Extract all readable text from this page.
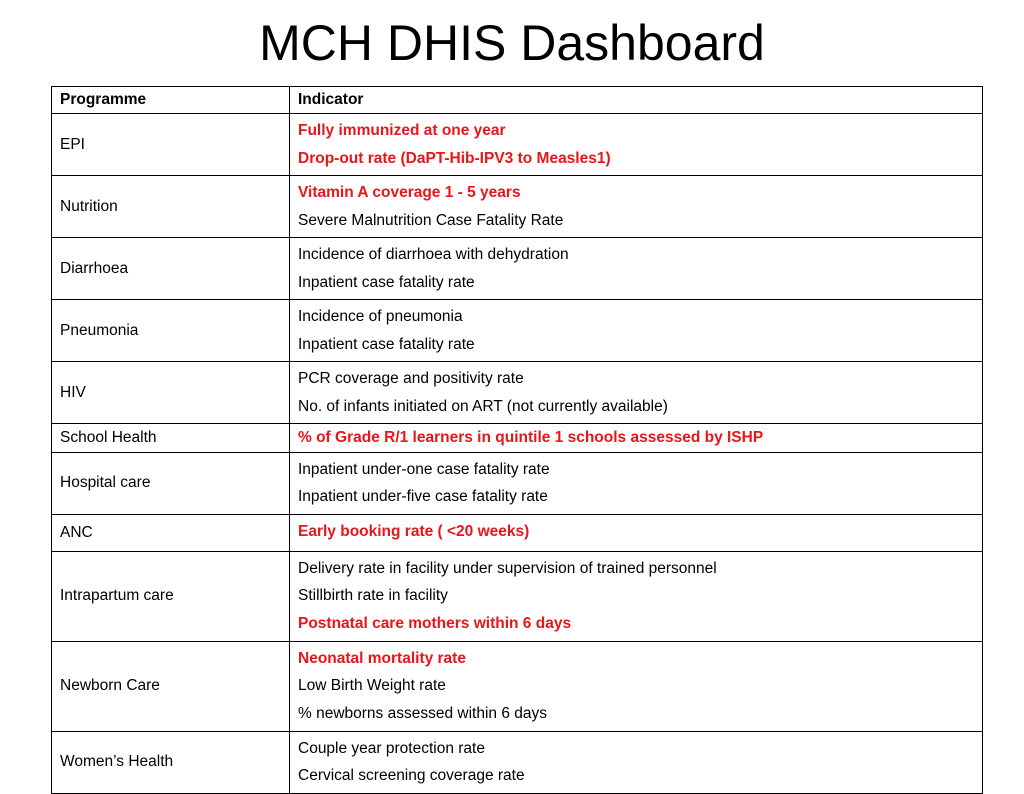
MCH DHIS Dashboard
Programme	Indicator
EPI	Fully immunized at one year
Drop-out rate (DaPT-Hib-IPV3 to Measles1)

Nutrition	Vitamin A coverage 1 - 5 years
Severe Malnutrition Case Fatality Rate

Diarrhoea	Incidence of diarrhoea with dehydration
Inpatient case fatality rate

Pneumonia	Incidence of pneumonia
Inpatient case fatality rate

HIV	PCR coverage and positivity rate
No. of infants initiated on ART (not currently available)

School Health	% of Grade R/1 learners in quintile 1 schools assessed by ISHP

Hospital care	Inpatient under-one case fatality rate
Inpatient under-five case fatality rate

ANC	Early booking rate ( <20 weeks)

Intrapartum care	Delivery rate in facility under supervision of trained personnel
Stillbirth rate in facility
Postnatal care mothers within 6 days

Newborn Care	Neonatal mortality rate
Low Birth Weight rate
% newborns assessed within 6 days

Women’s Health	Couple year protection rate
Cervical screening coverage rate
